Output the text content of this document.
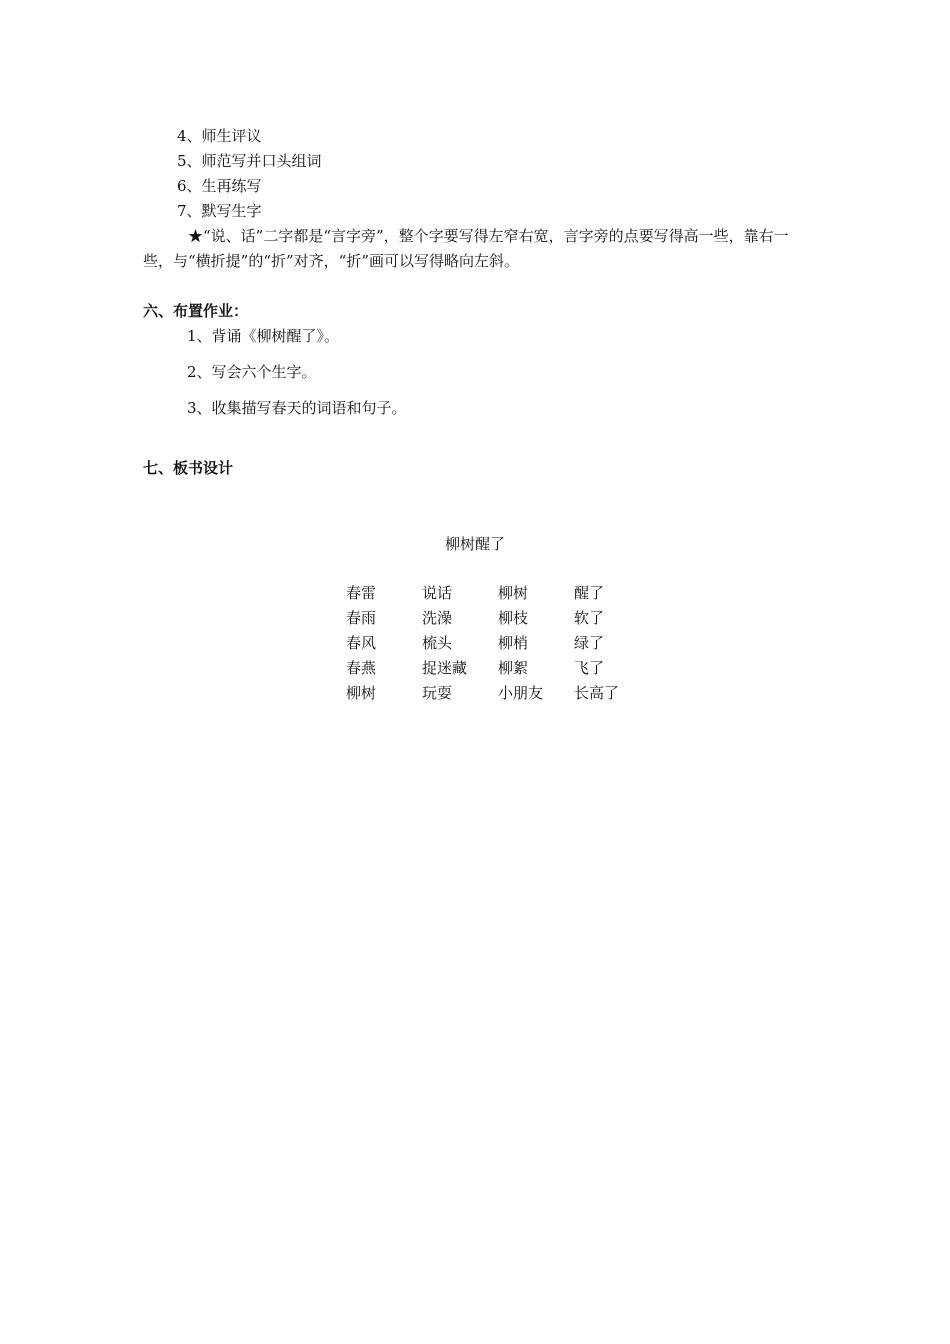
4、师生评议
5、师范写并口头组词
6、生再练写
7、默写生字
★“说、话”二字都是“言字旁”，整个字要写得左窄右宽，言字旁的点要写得高一些，靠右一些，与“横折提”的“折”对齐，“折”画可以写得略向左斜。
六、布置作业：
1、背诵《柳树醒了》。
2、写会六个生字。
3、收集描写春天的词语和句子。
七、板书设计
柳树醒了
春雷	说话	柳树	醒了
春雨	洗澡	柳枝	软了
春风	梳头	柳梢	绿了
春燕	捉迷藏	柳絮	飞了
柳树	玩耍	小朋友	长高了
